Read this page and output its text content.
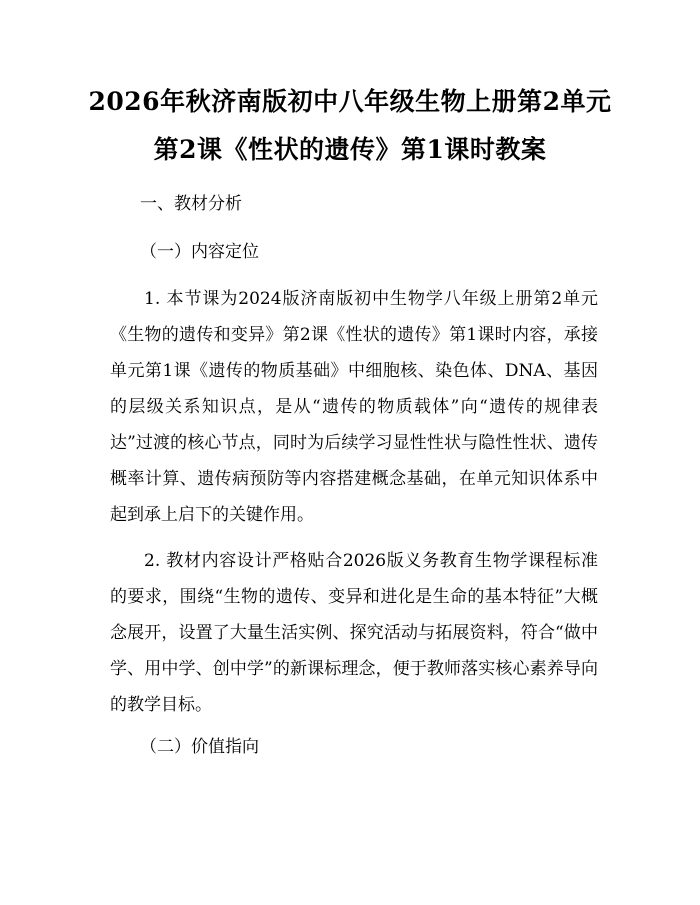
2026年秋济南版初中八年级生物上册第2单元第2课《性状的遗传》第1课时教案

一、教材分析

（一）内容定位

1. 本节课为2024版济南版初中生物学八年级上册第2单元《生物的遗传和变异》第2课《性状的遗传》第1课时内容，承接单元第1课《遗传的物质基础》中细胞核、染色体、DNA、基因的层级关系知识点，是从“遗传的物质载体”向“遗传的规律表达”过渡的核心节点，同时为后续学习显性性状与隐性性状、遗传概率计算、遗传病预防等内容搭建概念基础，在单元知识体系中起到承上启下的关键作用。

2. 教材内容设计严格贴合2026版义务教育生物学课程标准的要求，围绕“生物的遗传、变异和进化是生命的基本特征”大概念展开，设置了大量生活实例、探究活动与拓展资料，符合“做中学、用中学、创中学”的新课标理念，便于教师落实核心素养导向的教学目标。

（二）价值指向
